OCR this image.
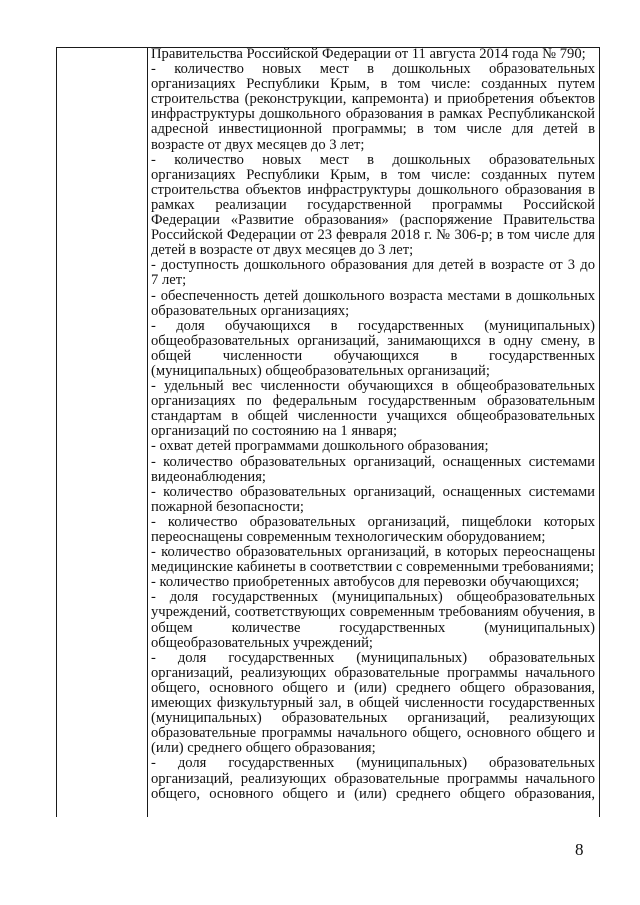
Правительства Российской Федерации от 11 августа 2014 года № 790;
- количество новых мест в дошкольных образовательных
организациях Республики Крым, в том числе: созданных путем
строительства (реконструкции, капремонта) и приобретения объектов
инфраструктуры дошкольного образования в рамках Республиканской
адресной инвестиционной программы; в том числе для детей в
возрасте от двух месяцев до 3 лет;
- количество новых мест в дошкольных образовательных
организациях Республики Крым, в том числе: созданных путем
строительства объектов инфраструктуры дошкольного образования в
рамках реализации государственной программы Российской
Федерации «Развитие образования» (распоряжение Правительства
Российской Федерации от 23 февраля 2018 г. № 306-р; в том числе для
детей в возрасте от двух месяцев до 3 лет;
- доступность дошкольного образования для детей в возрасте от 3 до
7 лет;
- обеспеченность детей дошкольного возраста местами в дошкольных
образовательных организациях;
- доля обучающихся в государственных (муниципальных)
общеобразовательных организаций, занимающихся в одну смену, в
общей численности обучающихся в государственных
(муниципальных) общеобразовательных организаций;
- удельный вес численности обучающихся в общеобразовательных
организациях по федеральным государственным образовательным
стандартам в общей численности учащихся общеобразовательных
организаций по состоянию на 1 января;
- охват детей программами дошкольного образования;
- количество образовательных организаций, оснащенных системами
видеонаблюдения;
- количество образовательных организаций, оснащенных системами
пожарной безопасности;
- количество образовательных организаций, пищеблоки которых
переоснащены современным технологическим оборудованием;
- количество образовательных организаций, в которых переоснащены
медицинские кабинеты в соответствии с современными требованиями;
- количество приобретенных автобусов для перевозки обучающихся;
- доля государственных (муниципальных) общеобразовательных
учреждений, соответствующих современным требованиям обучения, в
общем количестве государственных (муниципальных)
общеобразовательных учреждений;
- доля государственных (муниципальных) образовательных
организаций, реализующих образовательные программы начального
общего, основного общего и (или) среднего общего образования,
имеющих физкультурный зал, в общей численности государственных
(муниципальных) образовательных организаций, реализующих
образовательные программы начального общего, основного общего и
(или) среднего общего образования;
- доля государственных (муниципальных) образовательных
организаций, реализующих образовательные программы начального
общего, основного общего и (или) среднего общего образования,
8
